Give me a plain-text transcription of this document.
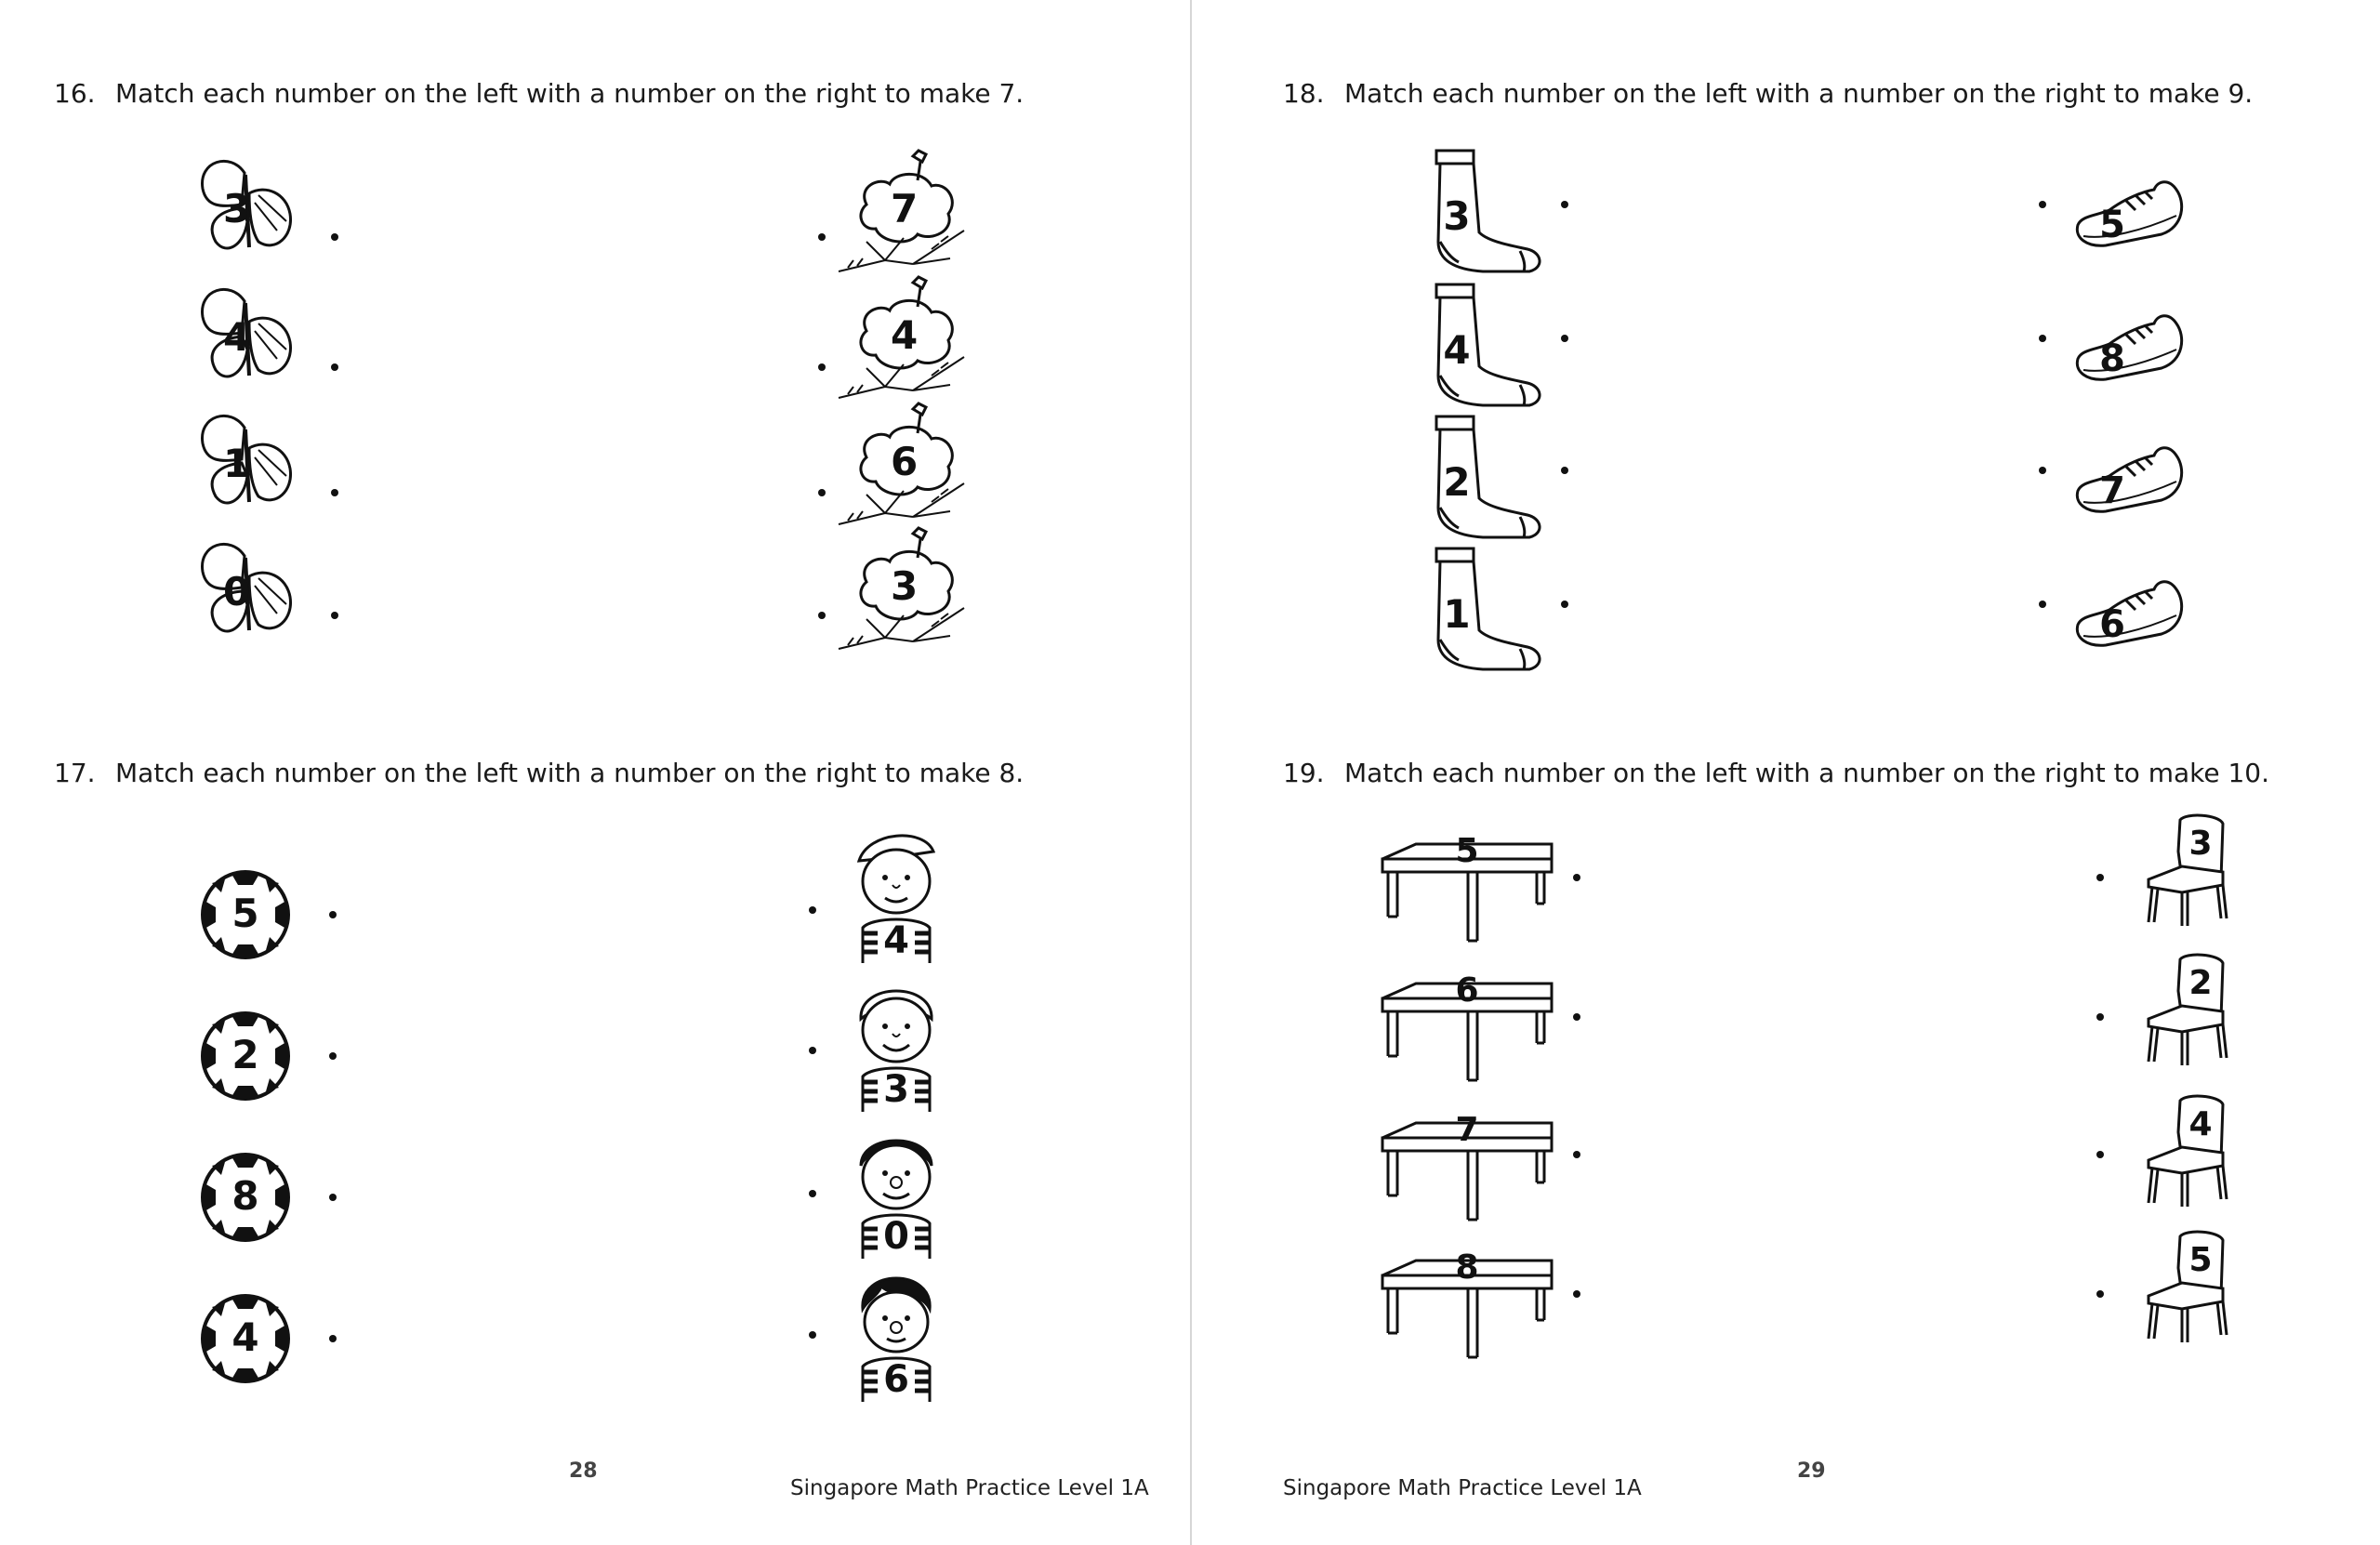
16. Match each number on the left with a number on the right to make 7.
3
4
1
0
7
4
6
3
17. Match each number on the left with a number on the right to make 8.
5
2
8
4
4
3
0
6
28
Singapore Math Practice Level 1A
18. Match each number on the left with a number on the right to make 9.
3
4
2
1
5
8
7
6
19. Match each number on the left with a number on the right to make 10.
5
6
7
8
3
2
4
5
29
Singapore Math Practice Level 1A
